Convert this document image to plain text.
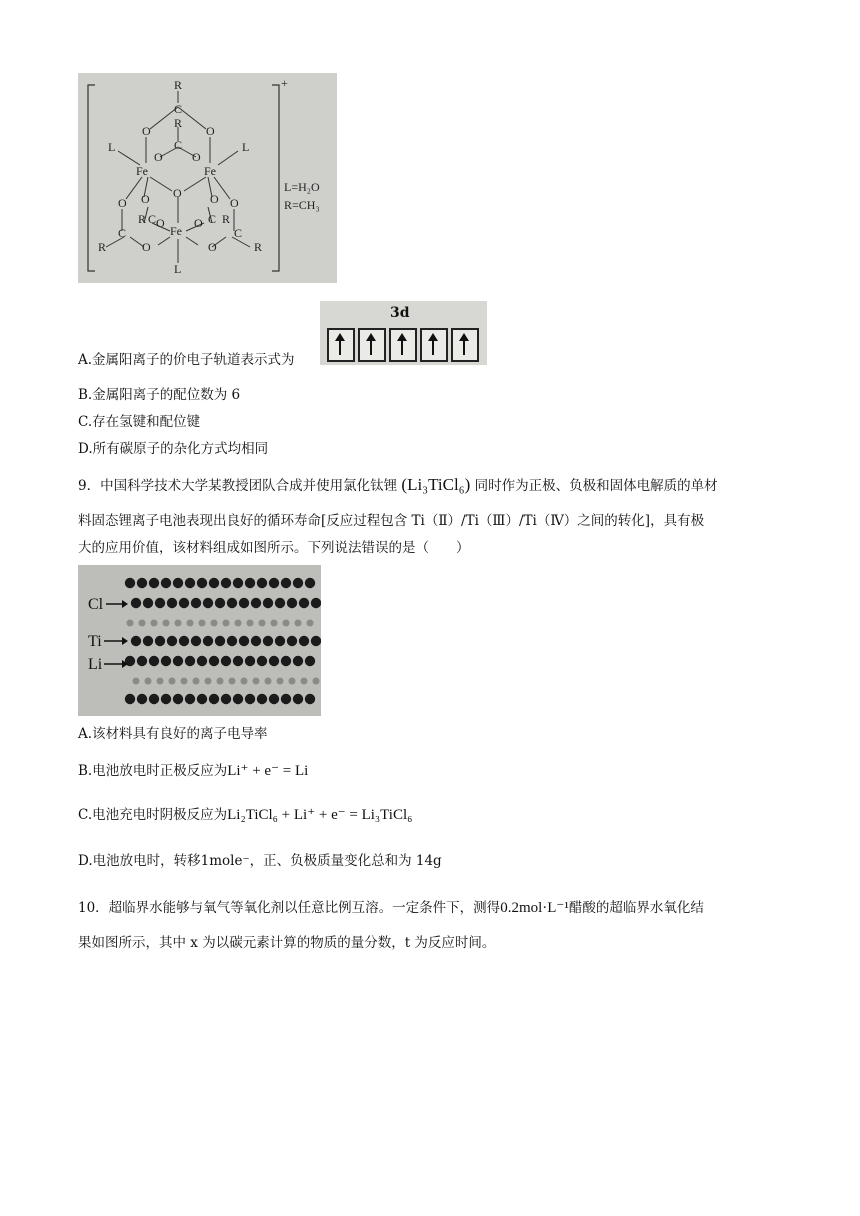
+
R
C
O	O
R
C
O O
L	L
Fe	Fe
O
O O	O O
R	C
C	R
O O
C	C
Fe
R	O	O	R
L
L=H₂O
R=CH₃
A.金属阳离子的价电子轨道表示式为
3d
B.金属阳离子的配位数为 6
C.存在氢键和配位键
D.所有碳原子的杂化方式均相同
9．中国科学技术大学某教授团队合成并使用氯化钛锂 (Li₃TiCl₆) 同时作为正极、负极和固体电解质的单材
料固态锂离子电池表现出良好的循环寿命[反应过程包含 Ti（Ⅱ）/Ti（Ⅲ）/Ti（Ⅳ）之间的转化]，具有极
大的应用价值，该材料组成如图所示。下列说法错误的是（　　）
Cl
Ti
Li
A.该材料具有良好的离子电导率
B.电池放电时正极反应为Li⁺ + e⁻ = Li
C.电池充电时阴极反应为Li₂TiCl₆ + Li⁺ + e⁻ = Li₃TiCl₆
D.电池放电时，转移1mole⁻，正、负极质量变化总和为 14g
10．超临界水能够与氧气等氧化剂以任意比例互溶。一定条件下，测得0.2mol·L⁻¹醋酸的超临界水氧化结
果如图所示，其中 x 为以碳元素计算的物质的量分数，t 为反应时间。
